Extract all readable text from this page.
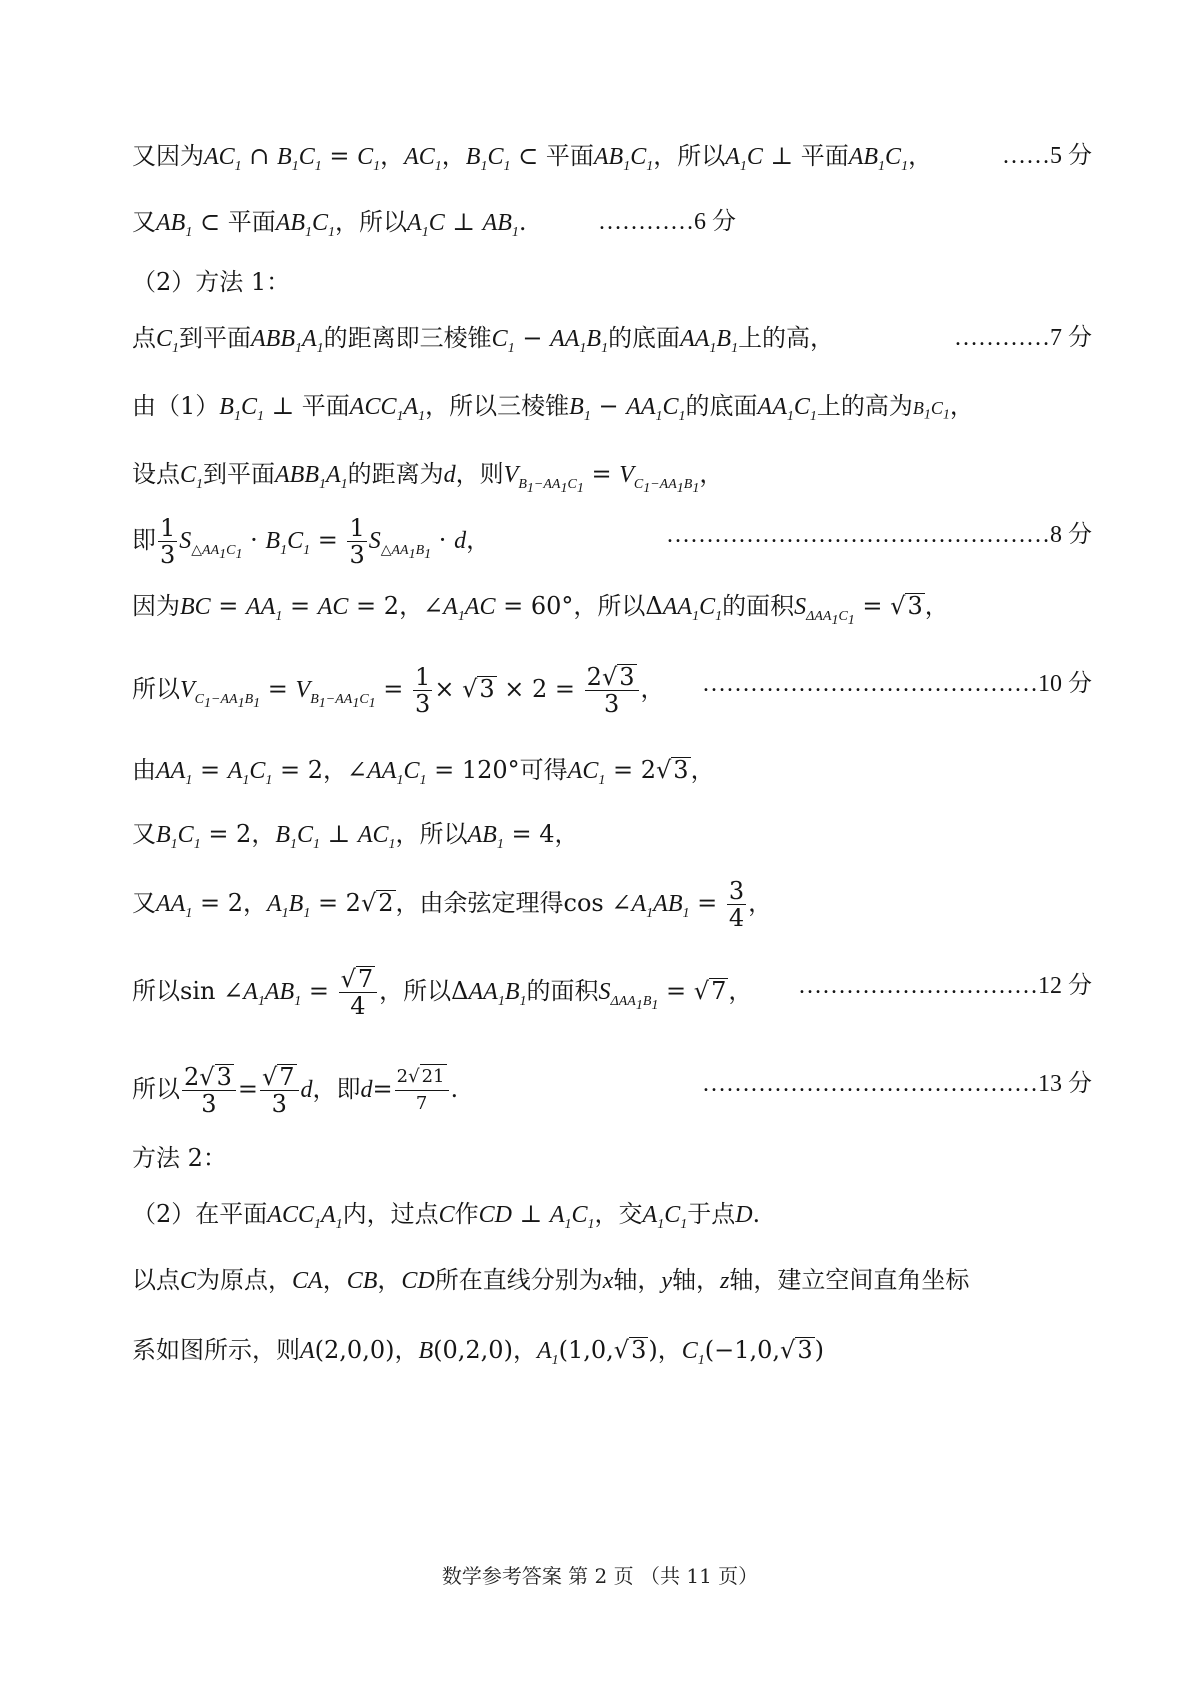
又因为$AC_1$ ∩ $B_1C_1 = C_1$，$AC_1$，$B_1C_1$ ⊂ 平面$AB_1C_1$，所以$A_1C$ ⊥ 平面$AB_1C_1$，	……5 分
又$AB_1$ ⊂ 平面$AB_1C_1$，所以$A_1C$ ⊥ $AB_1$.	…………6 分
（2）方法 1：
点$C_1$到平面$ABB_1A_1$的距离即三棱锥$C_1 - AA_1B_1$的底面$AA_1B_1$上的高，	…………7 分
由$(1)B_1C_1$ ⊥ 平面$ACC_1A_1$，所以三棱锥$B_1 - AA_1C_1$的底面$AA_1C_1$上的高为$B_1C_1$，
设点$C_1$到平面$ABB_1A_1$的距离为d，则$V_{B_1-AA_1C_1} = V_{C_1-AA_1B_1}$，
即 $\frac{1}{3} S_{\triangle AA_1C_1} \cdot B_1C_1 = \frac{1}{3} S_{\triangle AA_1B_1} \cdot d$，	…………………………………………8 分
因为BC = $AA_1$ = AC = 2，$\angle A_1AC = 60^\circ$，所以$\Delta AA_1C_1$的面积$S_{\Delta AA_1C_1} = √3$，
所以$V_{C_1-AA_1B_1} = V_{B_1-AA_1C_1} = \frac{1}{3} \times √3 \times 2 = \frac{2√3}{3}$ ， ……………………………………10 分
由$AA_1 = A_1C_1 = 2$，$\angle AA_1C_1 = 120^\circ$可得$AC_1 = 2√3$，
又$B_1C_1 = 2$，$B_1C_1$ ⊥ $AC_1$，所以$AB_1 = 4$，
又$AA_1 = 2$，$A_1B_1 = 2√2$，由余弦定理得$\cos \angle A_1AB_1 = \frac{3}{4}$ ，
所以$\sin \angle A_1AB_1 = \frac{√7}{4}$ ，所以$\Delta AA_1B_1$的面积$S_{\Delta AA_1B_1} = √7$， …………………………12 分
所以 $\frac{2√3}{3} = \frac{√7}{3}$ d，即$d= \frac{2√ 21}{7}$ .	……………………………………13 分
方法 2：
（2）在平面$ACC_1A_1$内，过点C作CD ⊥ $A_1C_1$，交$A_1C_1$于点D.
以点C为原点，CA，CB，CD所在直线分别为x轴，y轴，z轴，建立空间直角坐标
系如图所示，则A(2,0,0)，B(0,2,0)，$A_1(1,0,√3)$，$C_1(-1,0,√3)$
数学参考答案 第 2 页 （共 11 页）
